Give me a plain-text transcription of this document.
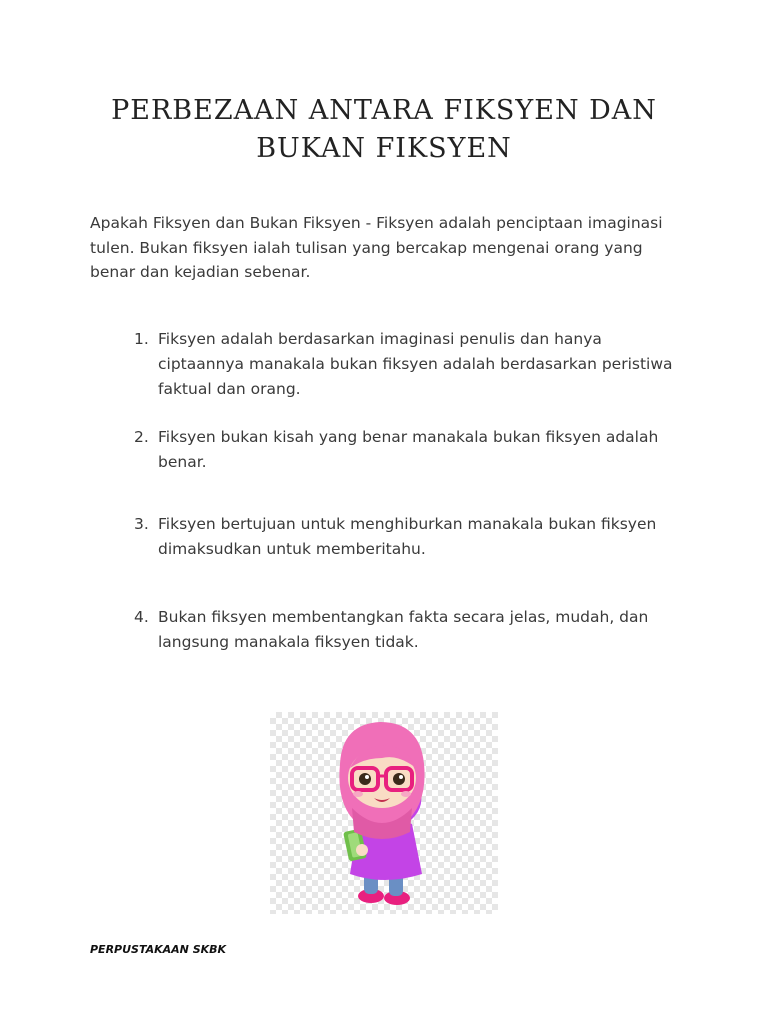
PERBEZAAN ANTARA FIKSYEN DAN
BUKAN FIKSYEN

Apakah Fiksyen dan Bukan Fiksyen - Fiksyen adalah penciptaan imaginasi tulen. Bukan fiksyen ialah tulisan yang bercakap mengenai orang yang benar dan kejadian sebenar.

1. Fiksyen adalah berdasarkan imaginasi penulis dan hanya ciptaannya manakala bukan fiksyen adalah berdasarkan peristiwa faktual dan orang.
2. Fiksyen bukan kisah yang benar manakala bukan fiksyen adalah benar.
3. Fiksyen bertujuan untuk menghiburkan manakala bukan fiksyen dimaksudkan untuk memberitahu.
4. Bukan fiksyen membentangkan fakta secara jelas, mudah, dan langsung manakala fiksyen tidak.
PERPUSTAKAAN SKBK
